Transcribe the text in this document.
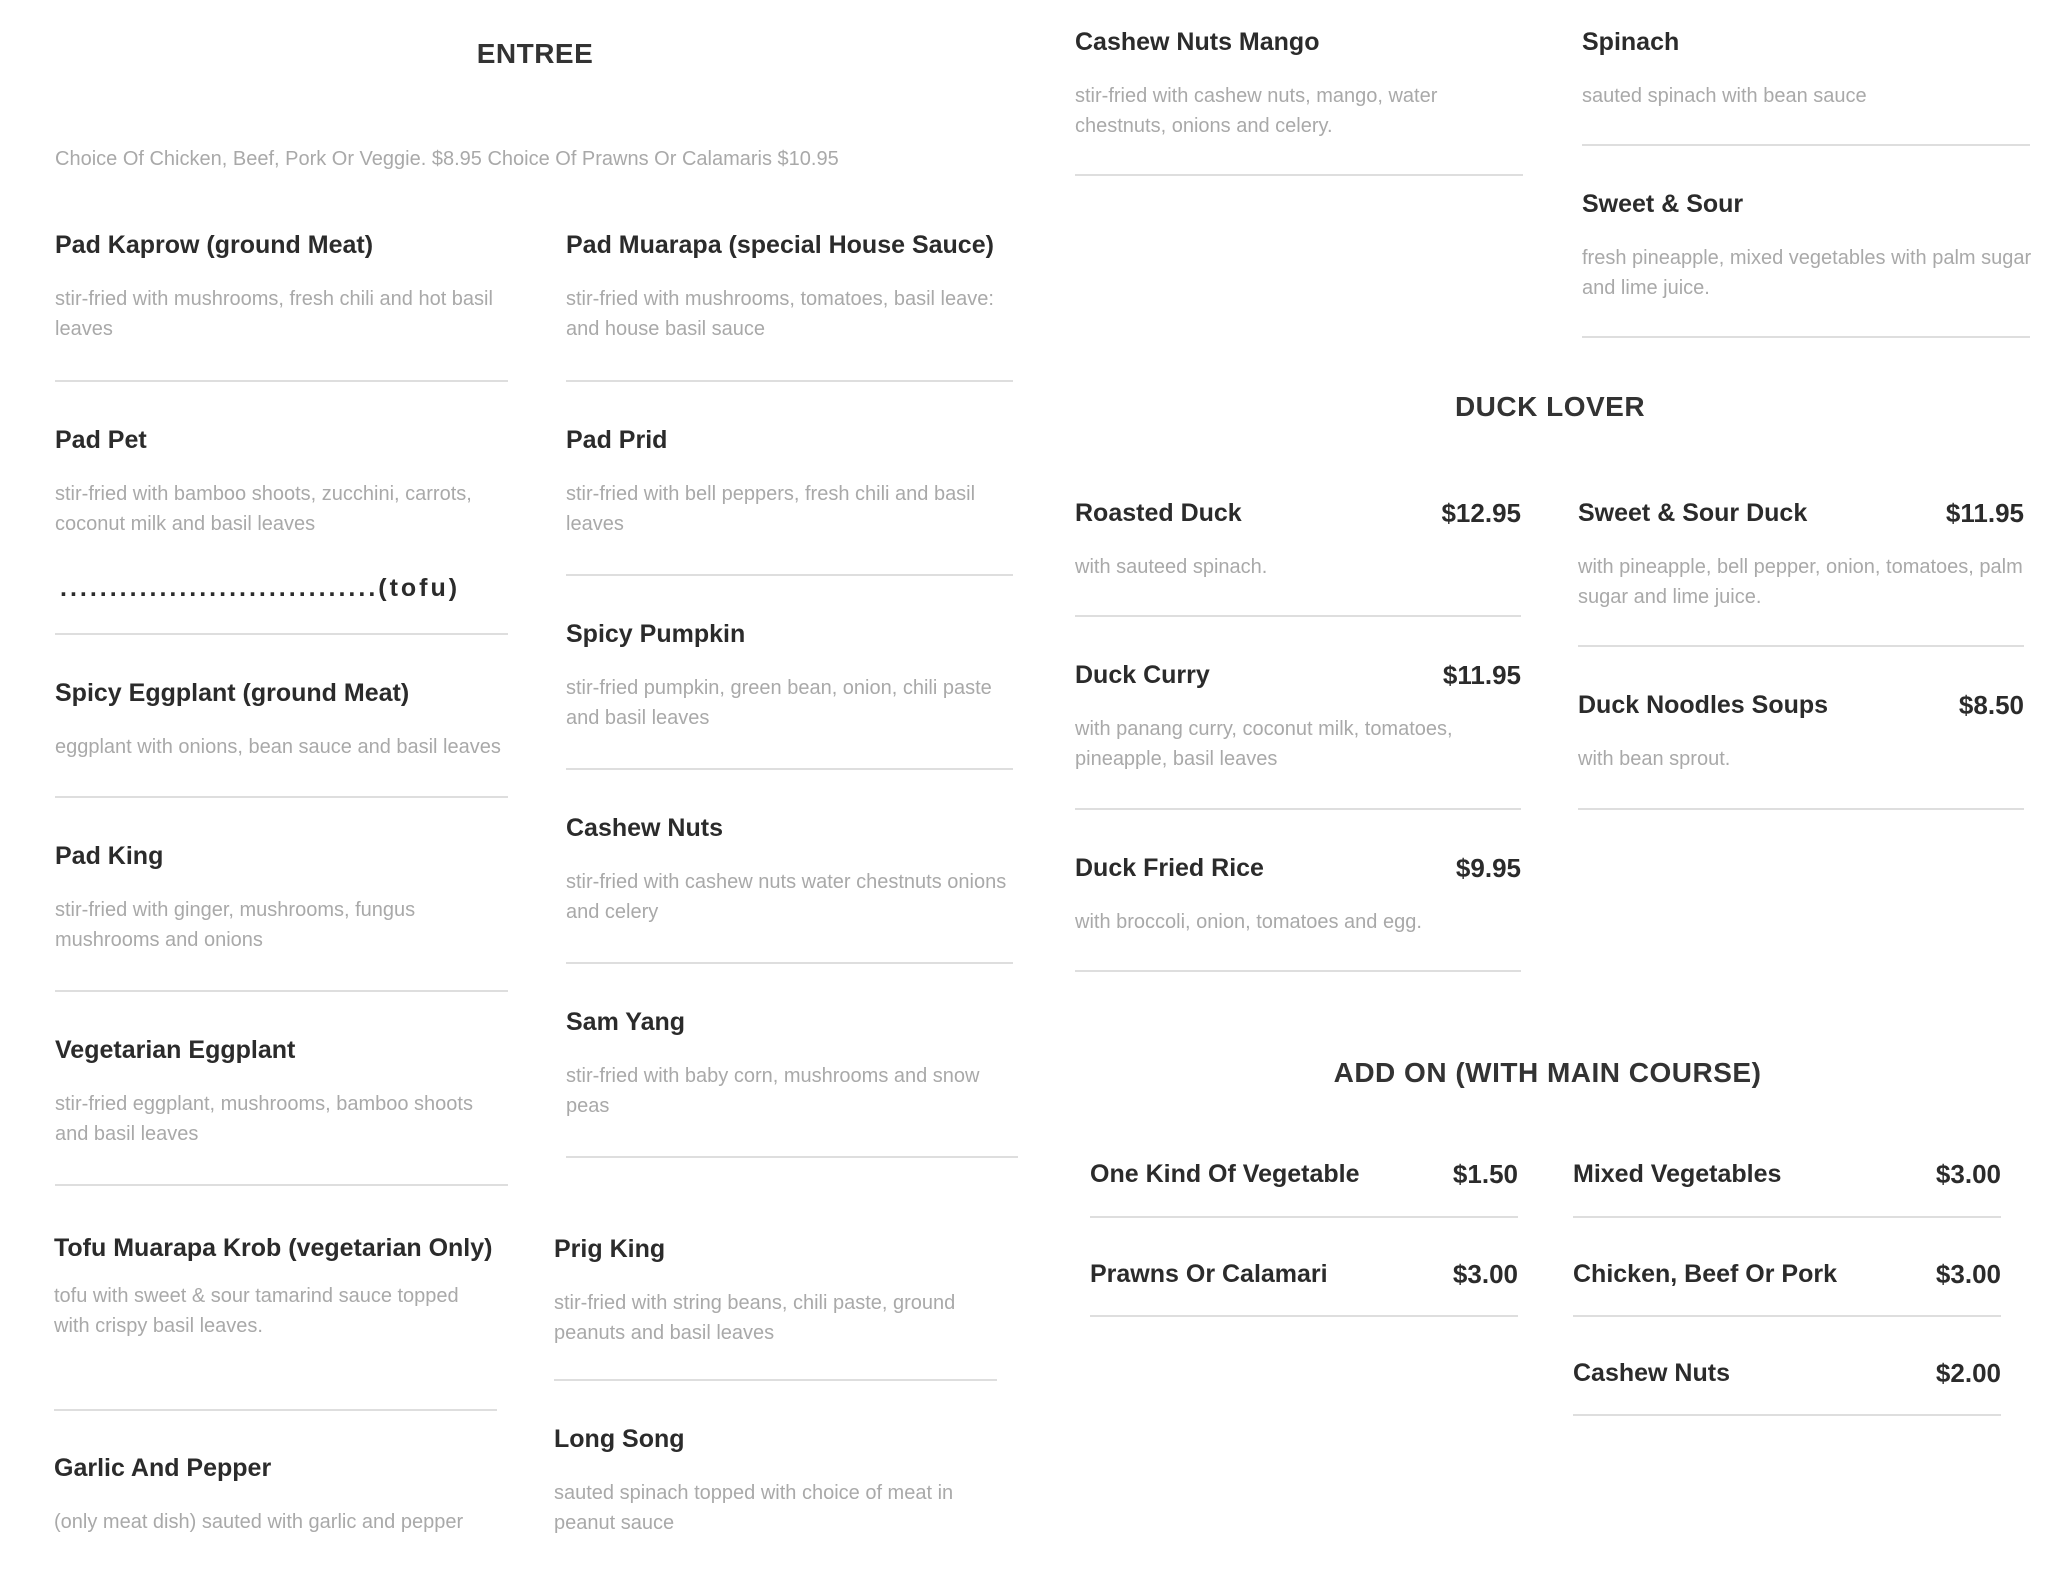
ENTREE
Choice Of Chicken, Beef, Pork Or Veggie. $8.95 Choice Of Prawns Or Calamaris $10.95
Pad Kaprow (ground Meat)
stir-fried with mushrooms, fresh chili and hot basil leaves
Pad Pet
stir-fried with bamboo shoots, zucchini, carrots, coconut milk and basil leaves
................................(tofu)
Spicy Eggplant (ground Meat)
eggplant with onions, bean sauce and basil leaves
Pad King
stir-fried with ginger, mushrooms, fungus mushrooms and onions
Vegetarian Eggplant
stir-fried eggplant, mushrooms, bamboo shoots and basil leaves
Tofu Muarapa Krob (vegetarian Only)
tofu with sweet & sour tamarind sauce topped with crispy basil leaves.
Garlic And Pepper
(only meat dish) sauted with garlic and pepper
Pad Muarapa (special House Sauce)
stir-fried with mushrooms, tomatoes, basil leave: and house basil sauce
Pad Prid
stir-fried with bell peppers, fresh chili and basil leaves
Spicy Pumpkin
stir-fried pumpkin, green bean, onion, chili paste and basil leaves
Cashew Nuts
stir-fried with cashew nuts water chestnuts onions and celery
Sam Yang
stir-fried with baby corn, mushrooms and snow peas
Prig King
stir-fried with string beans, chili paste, ground peanuts and basil leaves
Long Song
sauted spinach topped with choice of meat in peanut sauce
Cashew Nuts Mango
stir-fried with cashew nuts, mango, water chestnuts, onions and celery.
Spinach
sauted spinach with bean sauce
Sweet & Sour
fresh pineapple, mixed vegetables with palm sugar and lime juice.
DUCK LOVER
Roasted Duck	$12.95
with sauteed spinach.
Duck Curry	$11.95
with panang curry, coconut milk, tomatoes, pineapple, basil leaves
Duck Fried Rice	$9.95
with broccoli, onion, tomatoes and egg.
Sweet & Sour Duck	$11.95
with pineapple, bell pepper, onion, tomatoes, palm sugar and lime juice.
Duck Noodles Soups	$8.50
with bean sprout.
ADD ON (WITH MAIN COURSE)
One Kind Of Vegetable	$1.50
Prawns Or Calamari	$3.00
Mixed Vegetables	$3.00
Chicken, Beef Or Pork	$3.00
Cashew Nuts	$2.00
